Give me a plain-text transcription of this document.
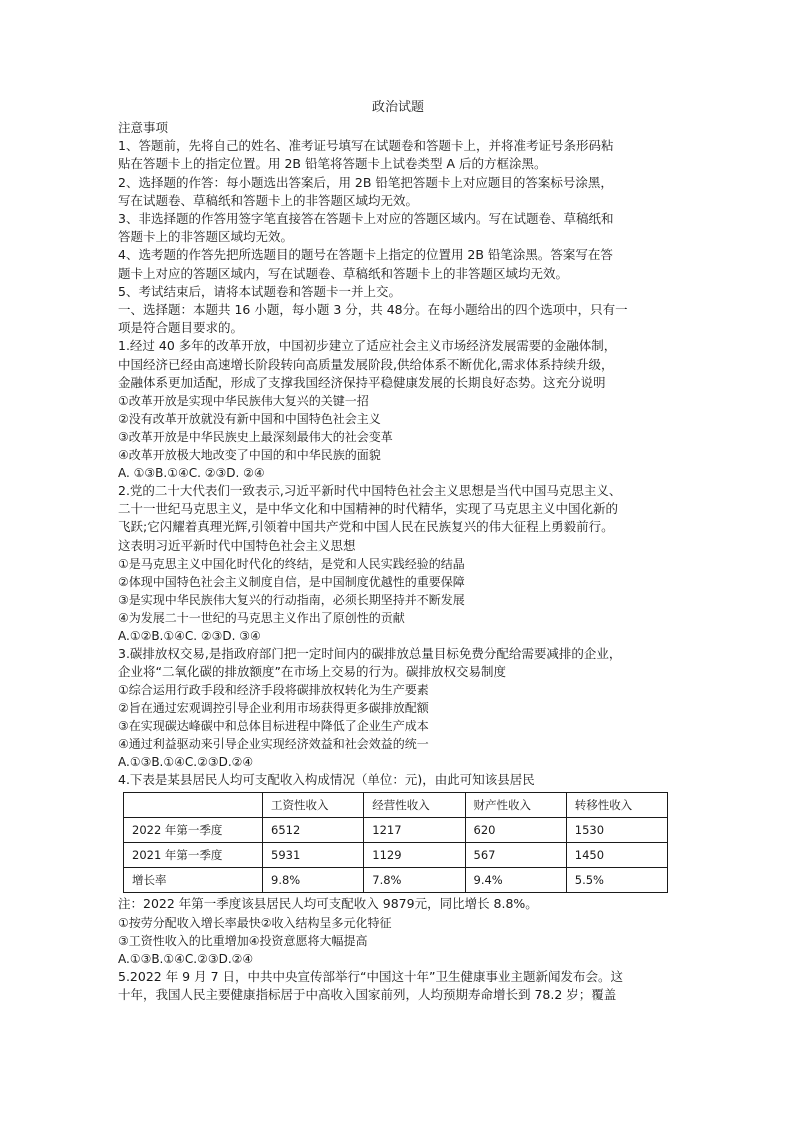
政治试题
注意事项
1、答题前，先将自己的姓名、准考证号填写在试题卷和答题卡上，并将准考证号条形码粘
贴在答题卡上的指定位置。用 2B 铅笔将答题卡上试卷类型 A 后的方框涂黑。
2、选择题的作答：每小题选出答案后，用 2B 铅笔把答题卡上对应题目的答案标号涂黑，
写在试题卷、草稿纸和答题卡上的非答题区域均无效。
3、非选择题的作答用签字笔直接答在答题卡上对应的答题区域内。写在试题卷、草稿纸和
答题卡上的非答题区域均无效。
4、选考题的作答先把所选题目的题号在答题卡上指定的位置用 2B 铅笔涂黑。答案写在答
题卡上对应的答题区域内，写在试题卷、草稿纸和答题卡上的非答题区域均无效。
5、考试结束后，请将本试题卷和答题卡一并上交。
一、选择题：本题共 16 小题，每小题 3 分，共 48分。在每小题给出的四个选项中，只有一
项是符合题目要求的。
1.经过 40 多年的改革开放，中国初步建立了适应社会主义市场经济发展需要的金融体制，
中国经济已经由高速增长阶段转向高质量发展阶段,供给体系不断优化,需求体系持续升级，
金融体系更加适配，形成了支撑我国经济保持平稳健康发展的长期良好态势。这充分说明
①改革开放是实现中华民族伟大复兴的关键一招
②没有改革开放就没有新中国和中国特色社会主义
③改革开放是中华民族史上最深刻最伟大的社会变革
④改革开放极大地改变了中国的和中华民族的面貌
A. ①③B.①④C. ②③D. ②④
2.党的二十大代表们一致表示,习近平新时代中国特色社会主义思想是当代中国马克思主义、
二十一世纪马克思主义，是中华文化和中国精神的时代精华，实现了马克思主义中国化新的
飞跃;它闪耀着真理光辉,引领着中国共产党和中国人民在民族复兴的伟大征程上勇毅前行。
这表明习近平新时代中国特色社会主义思想
①是马克思主义中国化时代化的终结，是党和人民实践经验的结晶
②体现中国特色社会主义制度自信，是中国制度优越性的重要保障
③是实现中华民族伟大复兴的行动指南，必须长期坚持并不断发展
④为发展二十一世纪的马克思主义作出了原创性的贡献
A.①②B.①④C. ②③D. ③④
3.碳排放权交易,是指政府部门把一定时间内的碳排放总量目标免费分配给需要减排的企业，
企业将“二氧化碳的排放额度”在市场上交易的行为。碳排放权交易制度
①综合运用行政手段和经济手段将碳排放权转化为生产要素
②旨在通过宏观调控引导企业利用市场获得更多碳排放配额
③在实现碳达峰碳中和总体目标进程中降低了企业生产成本
④通过利益驱动来引导企业实现经济效益和社会效益的统一
A.①③B.①④C.②③D.②④
4.下表是某县居民人均可支配收入构成情况（单位：元)，由此可知该县居民
	工资性收入	经营性收入	财产性收入	转移性收入
2022 年第一季度	6512	1217	620	1530
2021 年第一季度	5931	1129	567	1450
增长率	9.8%	7.8%	9.4%	5.5%
注：2022 年第一季度该县居民人均可支配收入 9879元，同比增长 8.8%。
①按劳分配收入增长率最快②收入结构呈多元化特征
③工资性收入的比重增加④投资意愿将大幅提高
A.①③B.①④C.②③D.②④
5.2022 年 9 月 7 日，中共中央宣传部举行“中国这十年”卫生健康事业主题新闻发布会。这
十年，我国人民主要健康指标居于中高收入国家前列，人均预期寿命增长到 78.2 岁；覆盖
